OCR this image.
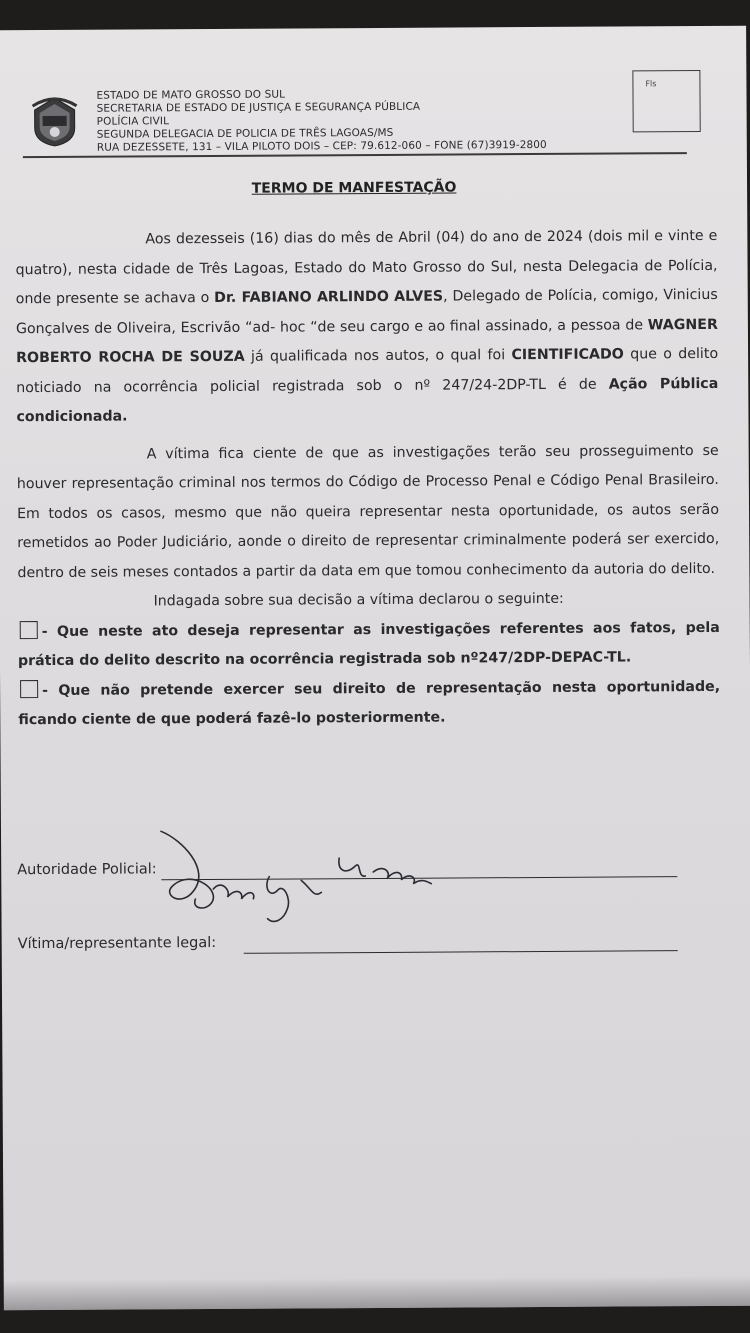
ESTADO DE MATO GROSSO DO SUL
SECRETARIA DE ESTADO DE JUSTIÇA E SEGURANÇA PÚBLICA
POLÍCIA CIVIL
SEGUNDA DELEGACIA DE POLICIA DE TRÊS LAGOAS/MS
RUA DEZESSETE, 131 – VILA PILOTO DOIS – CEP: 79.612-060 – FONE (67)3919-2800
Fls
TERMO DE MANFESTAÇÃO

Aos dezesseis (16) dias do mês de Abril (04) do ano de 2024 (dois mil e vinte e quatro), nesta cidade de Três Lagoas, Estado do Mato Grosso do Sul, nesta Delegacia de Polícia, onde presente se achava o Dr. FABIANO ARLINDO ALVES, Delegado de Polícia, comigo, Vinicius Gonçalves de Oliveira, Escrivão “ad- hoc “de seu cargo e ao final assinado, a pessoa de WAGNER ROBERTO ROCHA DE SOUZA já qualificada nos autos, o qual foi CIENTIFICADO que o delito noticiado na ocorrência policial registrada sob o nº 247/24-2DP-TL é de Ação Pública condicionada.

A vítima fica ciente de que as investigações terão seu prosseguimento se houver representação criminal nos termos do Código de Processo Penal e Código Penal Brasileiro. Em todos os casos, mesmo que não queira representar nesta oportunidade, os autos serão remetidos ao Poder Judiciário, aonde o direito de representar criminalmente poderá ser exercido, dentro de seis meses contados a partir da data em que tomou conhecimento da autoria do delito.

Indagada sobre sua decisão a vítima declarou o seguinte:

- Que neste ato deseja representar as investigações referentes aos fatos, pela prática do delito descrito na ocorrência registrada sob nº247/2DP-DEPAC-TL.

- Que não pretende exercer seu direito de representação nesta oportunidade, ficando ciente de que poderá fazê-lo posteriormente.

Autoridade Policial:
Vítima/representante legal:
